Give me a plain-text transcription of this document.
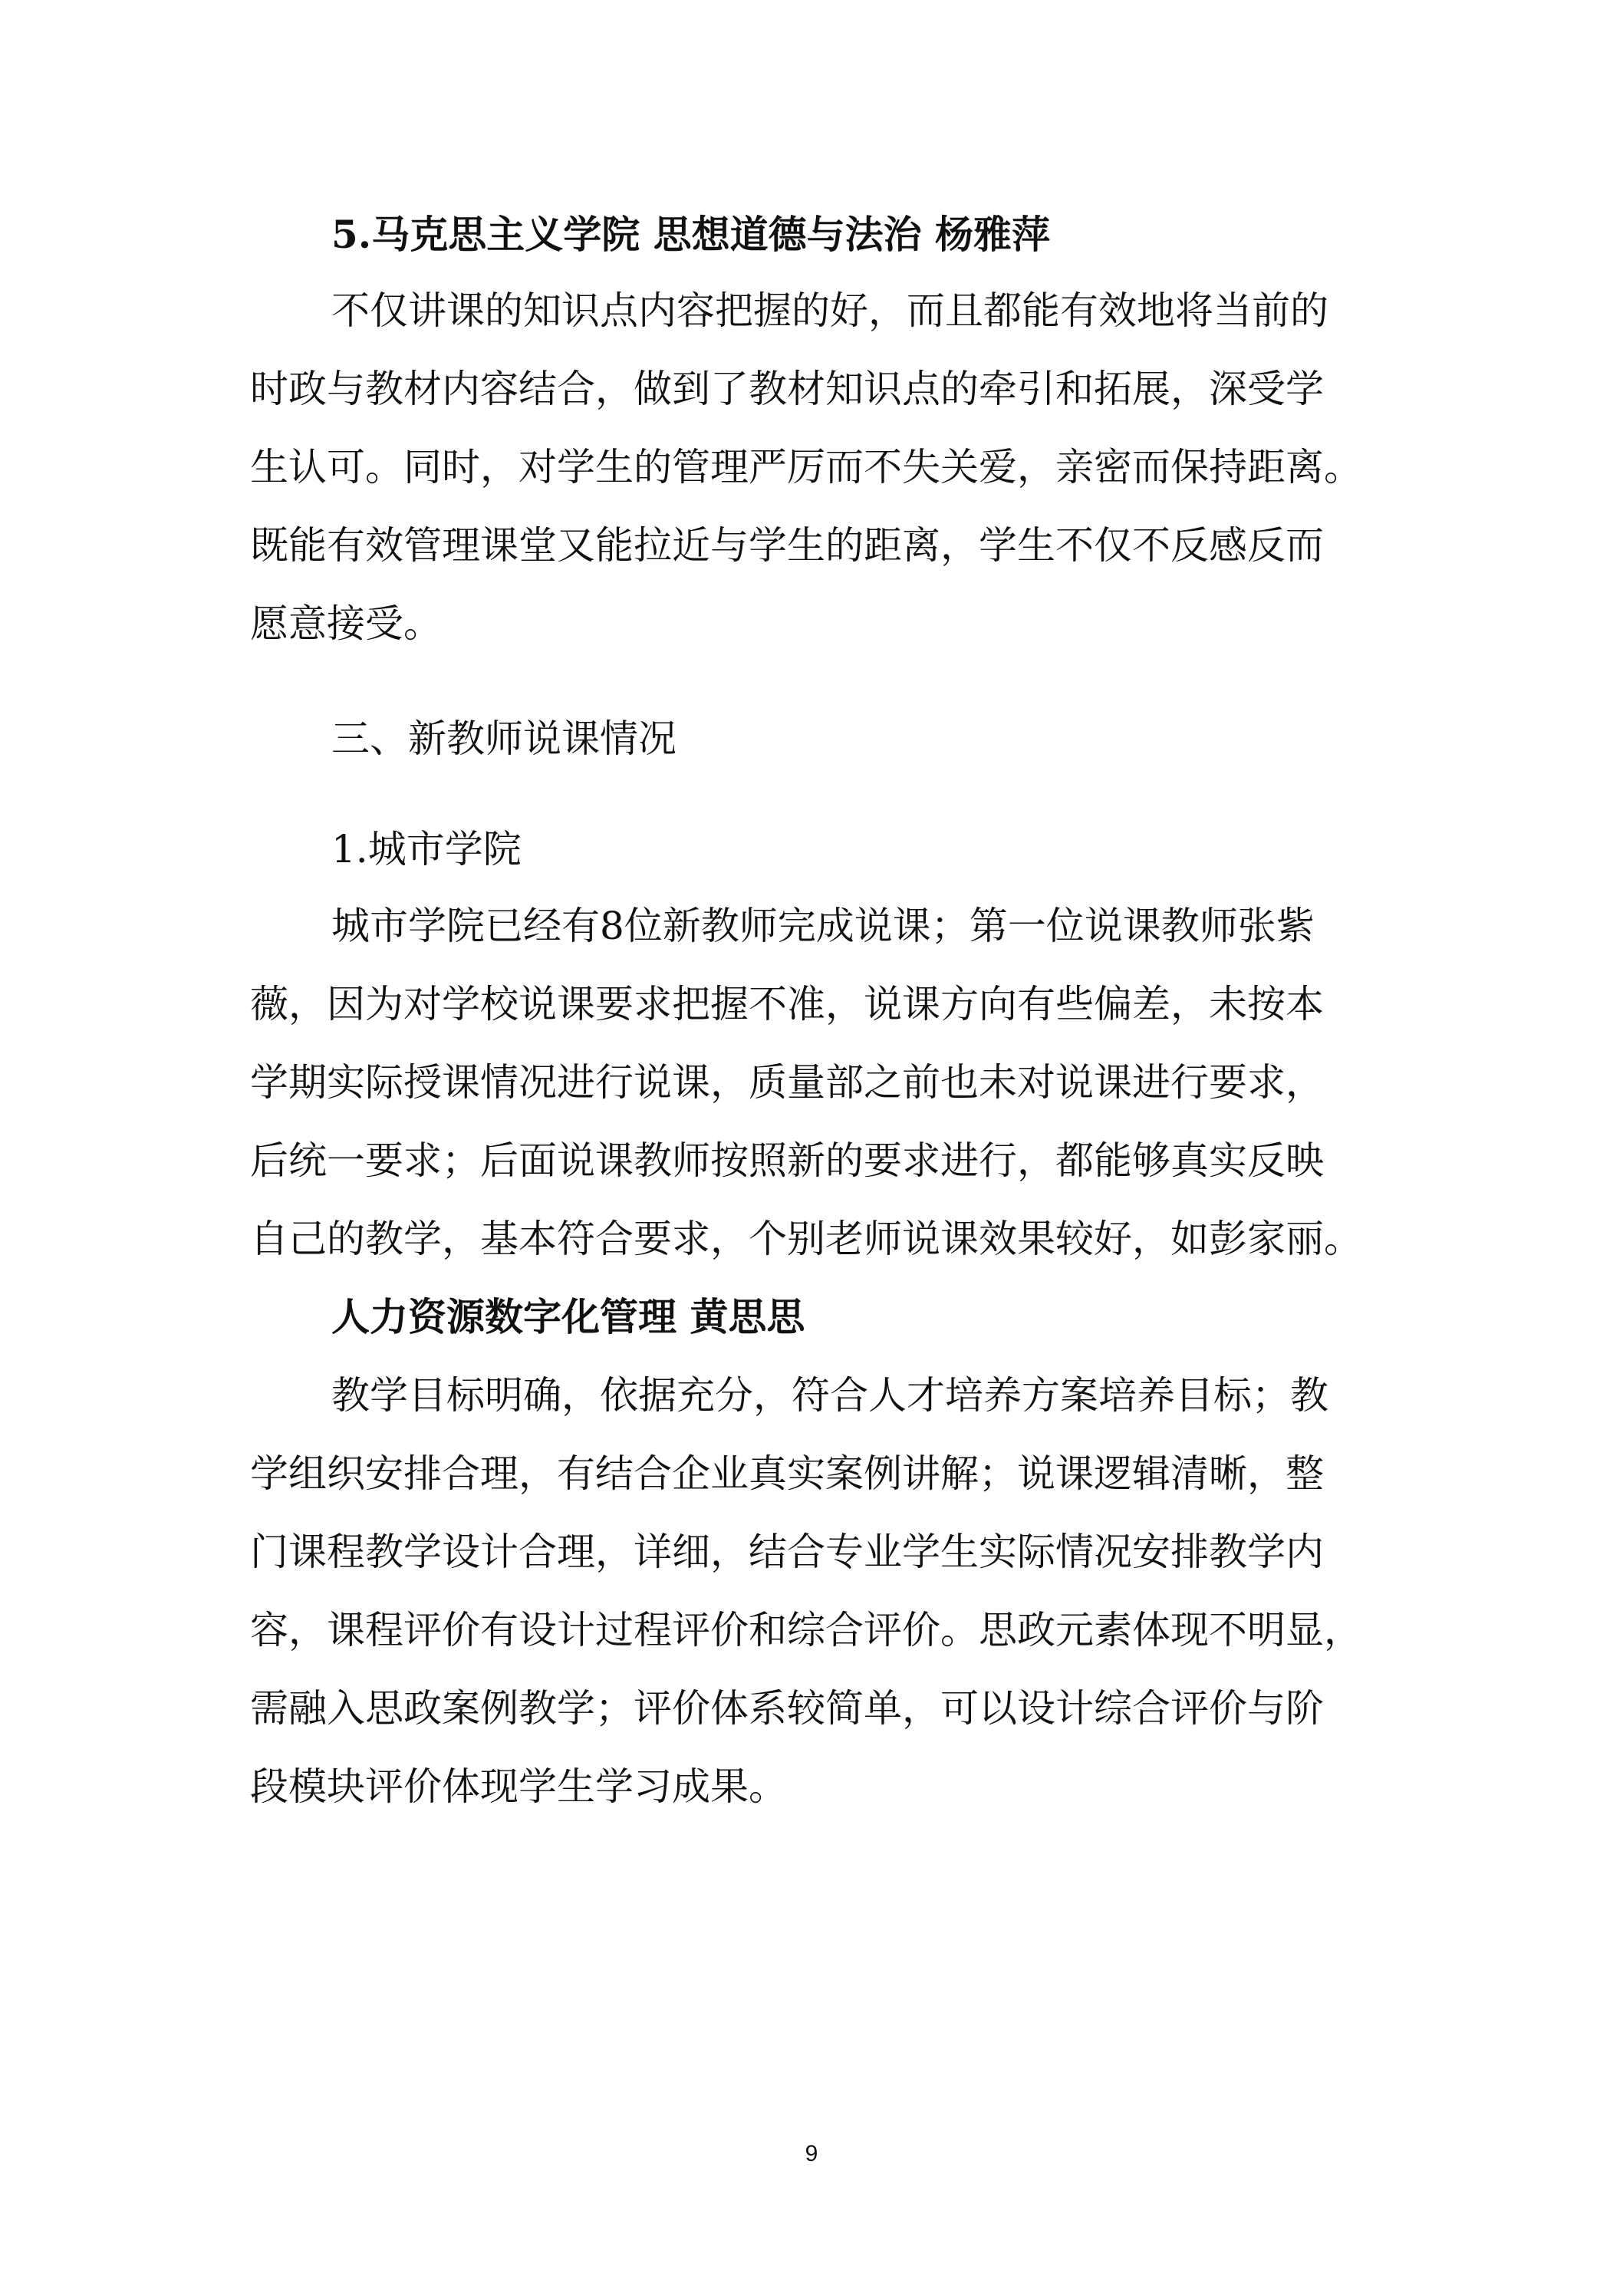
5.马克思主义学院 思想道德与法治 杨雅萍

不仅讲课的知识点内容把握的好，而且都能有效地将当前的

时政与教材内容结合，做到了教材知识点的牵引和拓展，深受学

生认可。同时，对学生的管理严厉而不失关爱，亲密而保持距离。

既能有效管理课堂又能拉近与学生的距离，学生不仅不反感反而

愿意接受。

三、新教师说课情况

1.城市学院

城市学院已经有8位新教师完成说课；第一位说课教师张紫

薇，因为对学校说课要求把握不准，说课方向有些偏差，未按本

学期实际授课情况进行说课，质量部之前也未对说课进行要求，

后统一要求；后面说课教师按照新的要求进行，都能够真实反映

自己的教学，基本符合要求，个别老师说课效果较好，如彭家丽。

人力资源数字化管理 黄思思

教学目标明确，依据充分，符合人才培养方案培养目标；教

学组织安排合理，有结合企业真实案例讲解；说课逻辑清晰，整

门课程教学设计合理，详细，结合专业学生实际情况安排教学内

容，课程评价有设计过程评价和综合评价。思政元素体现不明显，

需融入思政案例教学；评价体系较简单，可以设计综合评价与阶

段模块评价体现学生学习成果。

9
